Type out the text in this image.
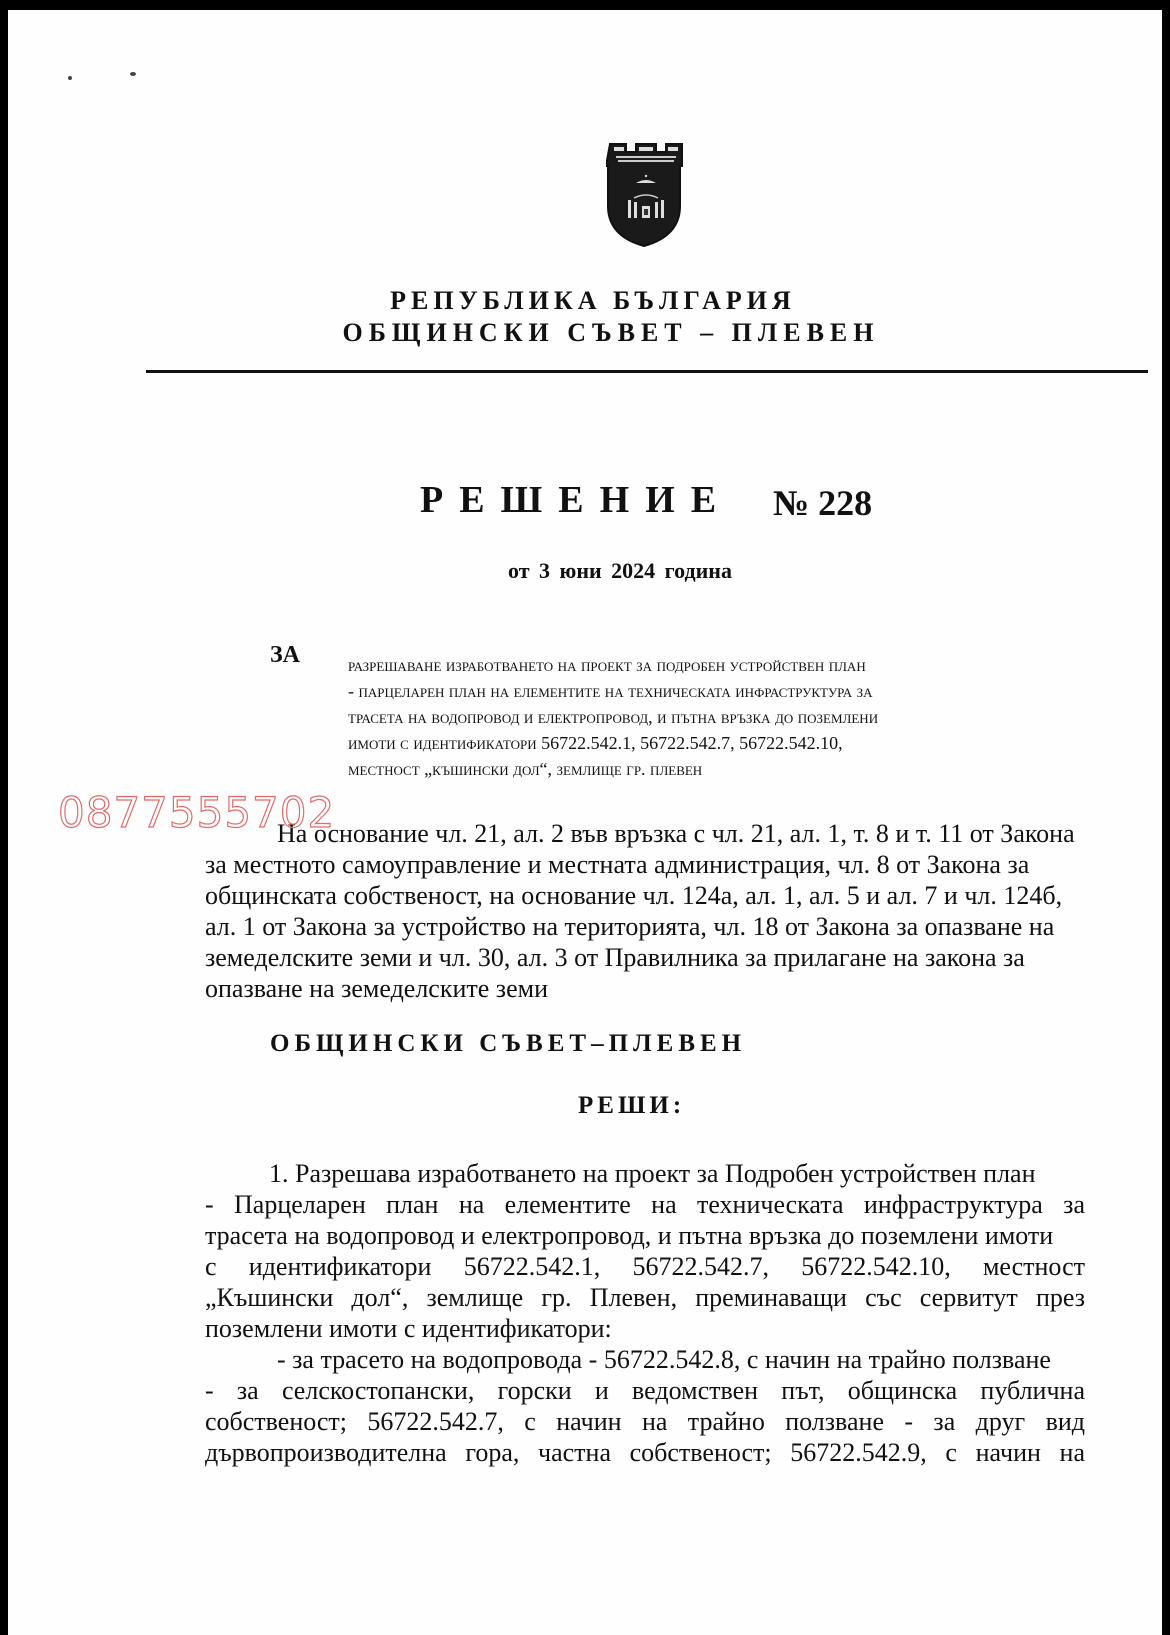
РЕПУБЛИКА БЪЛГАРИЯ
ОБЩИНСКИ СЪВЕТ – ПЛЕВЕН
РЕШЕНИЕ № 228
от 3 юни 2024 година
ЗА	разрешаване изработването на проект за подробен устройствен план
- парцеларен план на елементите на техническата инфраструктура за
трасета на водопровод и електропровод, и пътна връзка до поземлени
имоти с идентификатори 56722.542.1, 56722.542.7, 56722.542.10,
местност „къшински дол“, землище гр. плевен
0877555702
На основание чл. 21, ал. 2 във връзка с чл. 21, ал. 1, т. 8 и т. 11 от Закона
за местното самоуправление и местната администрация, чл. 8 от Закона за
общинската собственост, на основание чл. 124а, ал. 1, ал. 5 и ал. 7 и чл. 124б,
ал. 1 от Закона за устройство на територията, чл. 18 от Закона за опазване на
земеделските земи и чл. 30, ал. 3 от Правилника за прилагане на закона за
опазване на земеделските земи
ОБЩИНСКИ СЪВЕТ–ПЛЕВЕН
РЕШИ:
1. Разрешава изработването на проект за Подробен устройствен план
- Парцеларен план на елементите на техническата инфраструктура за
трасета на водопровод и електропровод, и пътна връзка до поземлени имоти
с идентификатори 56722.542.1, 56722.542.7, 56722.542.10, местност
„Къшински дол“, землище гр. Плевен, преминаващи със сервитут през
поземлени имоти с идентификатори:
- за трасето на водопровода - 56722.542.8, с начин на трайно ползване
- за селскостопански, горски и ведомствен път, общинска публична
собственост; 56722.542.7, с начин на трайно ползване - за друг вид
дървопроизводителна гора, частна собственост; 56722.542.9, с начин на
